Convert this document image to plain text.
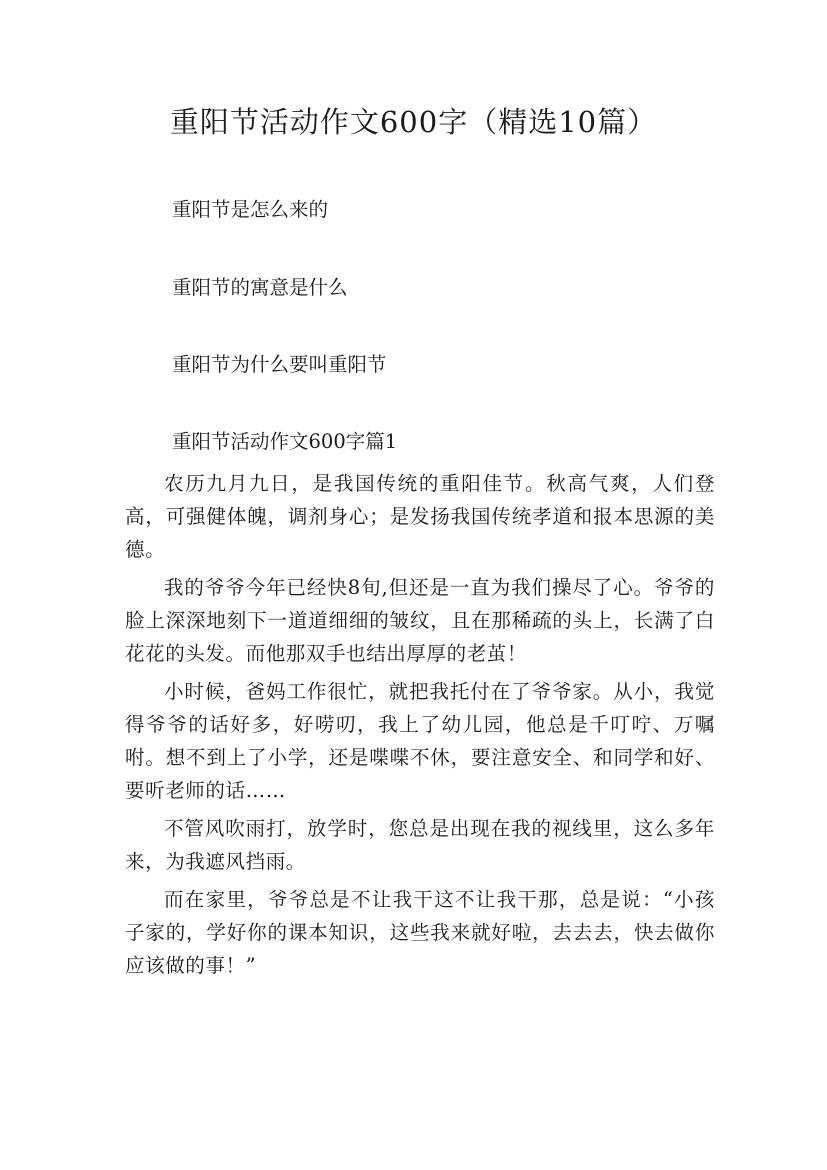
重阳节活动作文600字（精选10篇）

重阳节是怎么来的

重阳节的寓意是什么

重阳节为什么要叫重阳节

重阳节活动作文600字篇1

农历九月九日，是我国传统的重阳佳节。秋高气爽，人们登高，可强健体魄，调剂身心；是发扬我国传统孝道和报本思源的美德。

我的爷爷今年已经快8旬,但还是一直为我们操尽了心。爷爷的脸上深深地刻下一道道细细的皱纹，且在那稀疏的头上，长满了白花花的头发。而他那双手也结出厚厚的老茧！

小时候，爸妈工作很忙，就把我托付在了爷爷家。从小，我觉得爷爷的话好多，好唠叨，我上了幼儿园，他总是千叮咛、万嘱咐。想不到上了小学，还是喋喋不休，要注意安全、和同学和好、要听老师的话……

不管风吹雨打，放学时，您总是出现在我的视线里，这么多年来，为我遮风挡雨。

而在家里，爷爷总是不让我干这不让我干那，总是说：“小孩子家的，学好你的课本知识，这些我来就好啦，去去去，快去做你应该做的事！”
